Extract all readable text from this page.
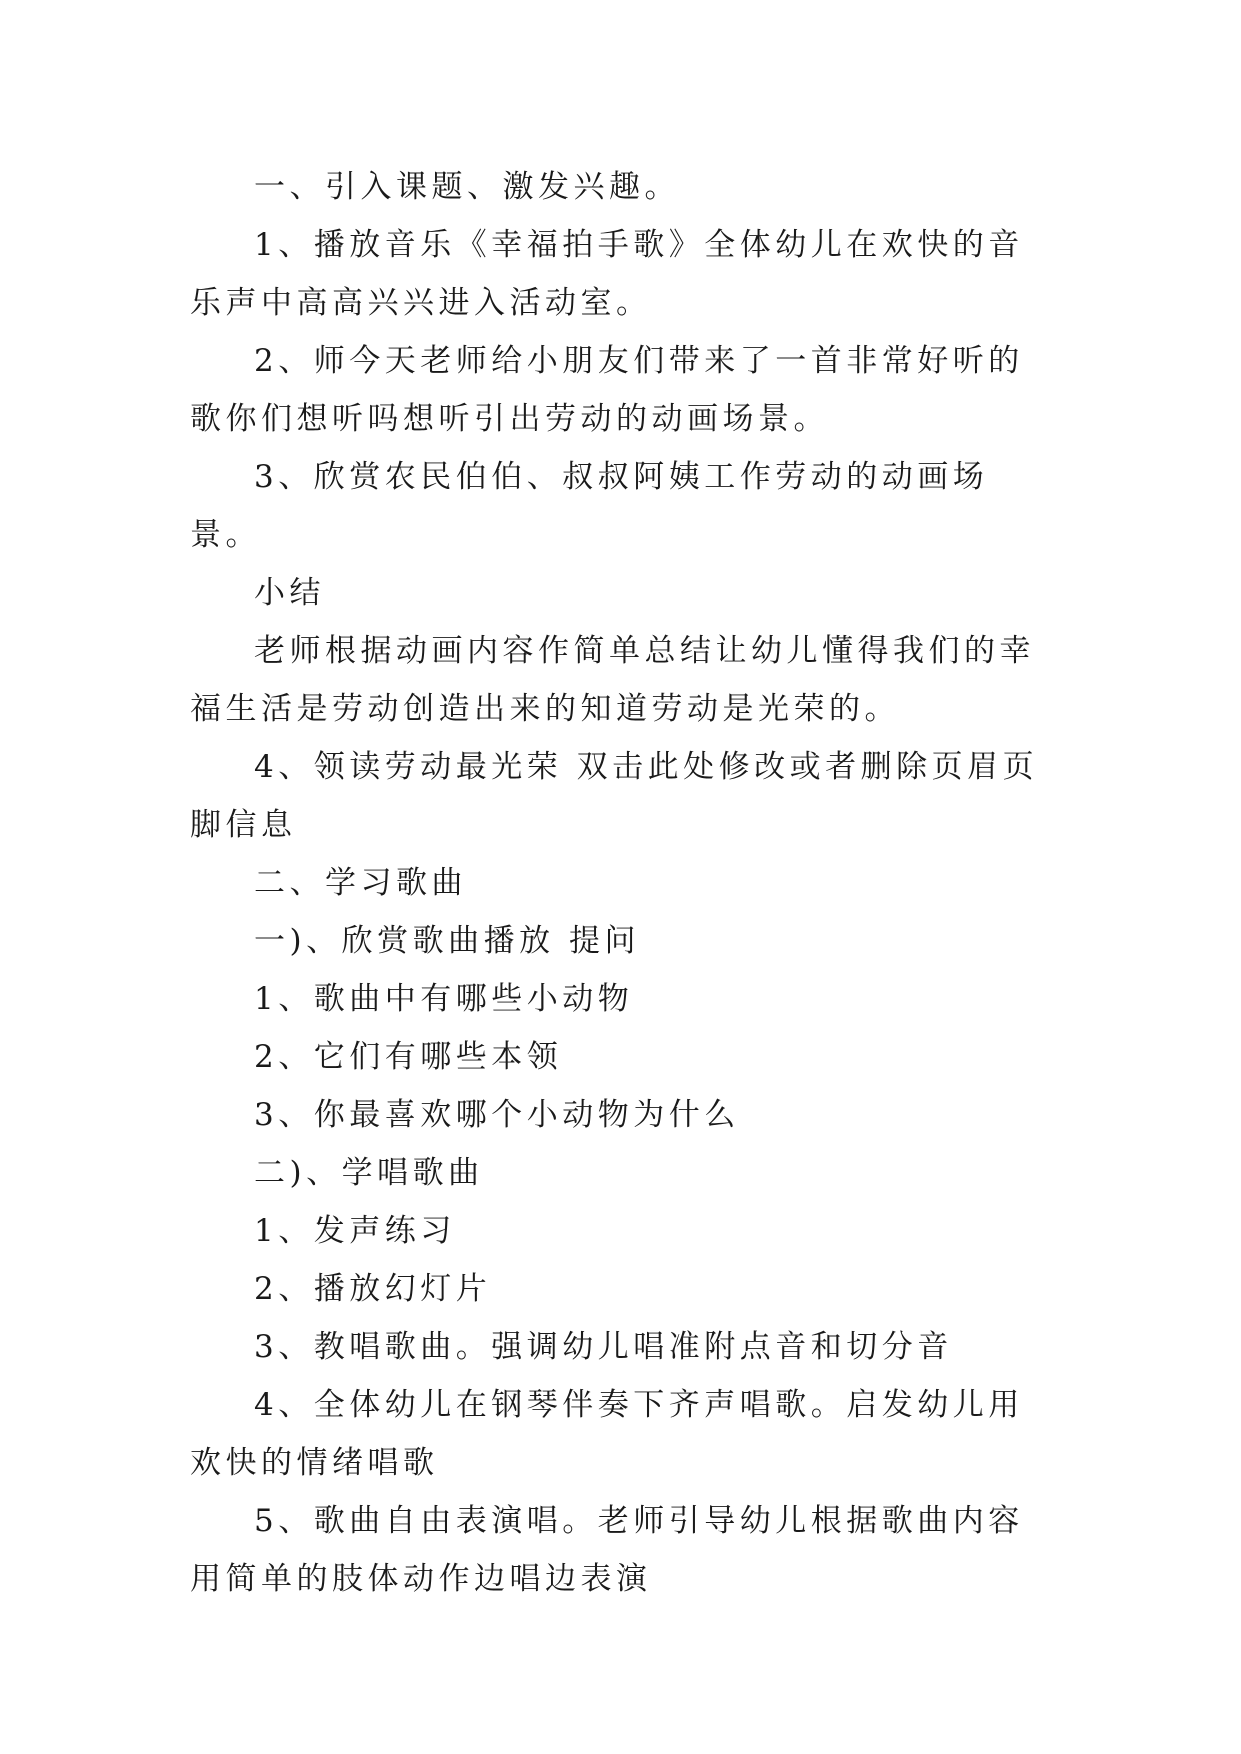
一、引入课题、激发兴趣。

1、播放音乐《幸福拍手歌》全体幼儿在欢快的音乐声中高高兴兴进入活动室。

2、师今天老师给小朋友们带来了一首非常好听的歌你们想听吗想听引出劳动的动画场景。

3、欣赏农民伯伯、叔叔阿姨工作劳动的动画场景。

小结

老师根据动画内容作简单总结让幼儿懂得我们的幸福生活是劳动创造出来的知道劳动是光荣的。

4、领读劳动最光荣 双击此处修改或者删除页眉页脚信息

二、学习歌曲

一)、欣赏歌曲播放 提问

1、歌曲中有哪些小动物

2、它们有哪些本领

3、你最喜欢哪个小动物为什么

二)、学唱歌曲

1、发声练习

2、播放幻灯片

3、教唱歌曲。强调幼儿唱准附点音和切分音

4、全体幼儿在钢琴伴奏下齐声唱歌。启发幼儿用欢快的情绪唱歌

5、歌曲自由表演唱。老师引导幼儿根据歌曲内容用简单的肢体动作边唱边表演
